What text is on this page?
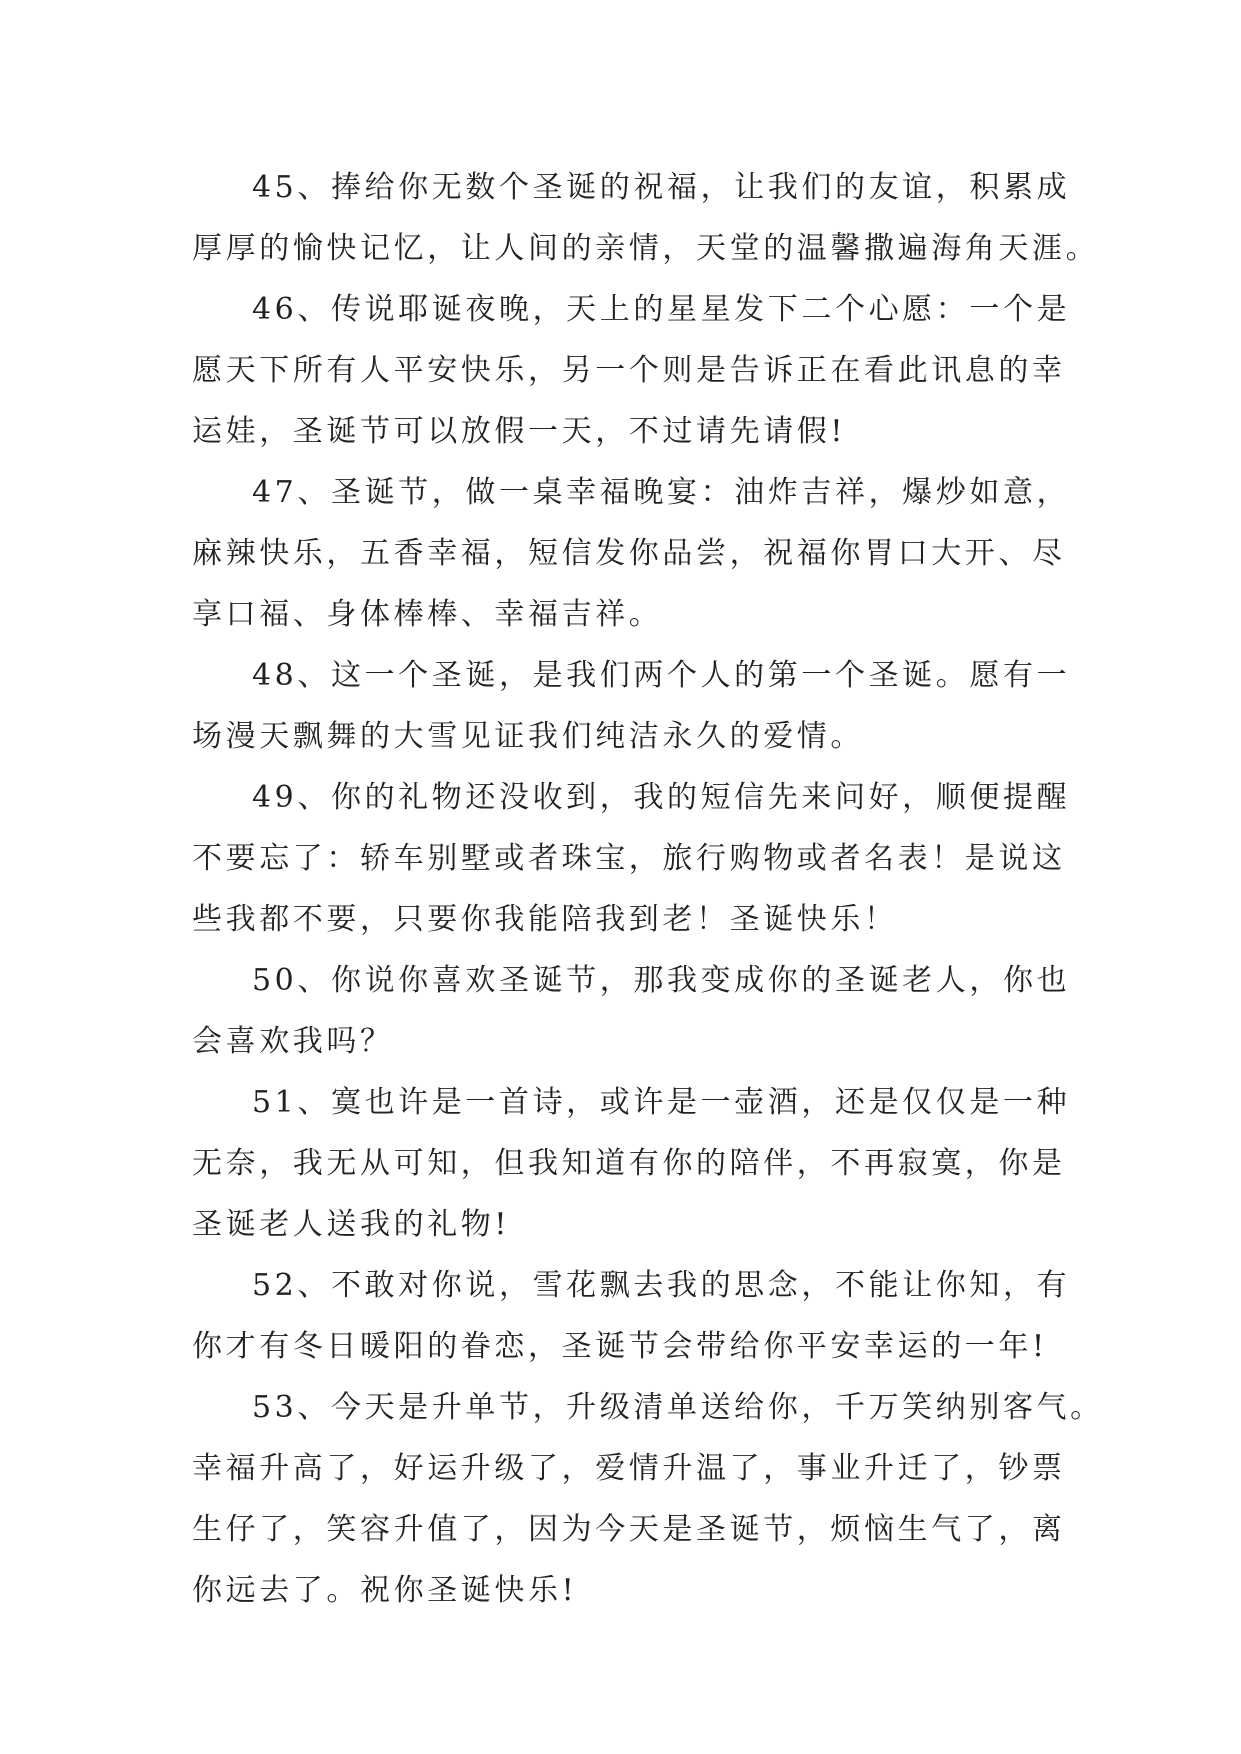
45、捧给你无数个圣诞的祝福，让我们的友谊，积累成
厚厚的愉快记忆，让人间的亲情，天堂的温馨撒遍海角天涯。
46、传说耶诞夜晚，天上的星星发下二个心愿：一个是
愿天下所有人平安快乐，另一个则是告诉正在看此讯息的幸
运娃，圣诞节可以放假一天，不过请先请假!
47、圣诞节，做一桌幸福晚宴：油炸吉祥，爆炒如意，
麻辣快乐，五香幸福，短信发你品尝，祝福你胃口大开、尽
享口福、身体棒棒、幸福吉祥。
48、这一个圣诞，是我们两个人的第一个圣诞。愿有一
场漫天飘舞的大雪见证我们纯洁永久的爱情。
49、你的礼物还没收到，我的短信先来问好，顺便提醒
不要忘了：轿车别墅或者珠宝，旅行购物或者名表！是说这
些我都不要，只要你我能陪我到老！圣诞快乐！
50、你说你喜欢圣诞节，那我变成你的圣诞老人，你也
会喜欢我吗？
51、寞也许是一首诗，或许是一壶酒，还是仅仅是一种
无奈，我无从可知，但我知道有你的陪伴，不再寂寞，你是
圣诞老人送我的礼物!
52、不敢对你说，雪花飘去我的思念，不能让你知，有
你才有冬日暖阳的眷恋，圣诞节会带给你平安幸运的一年!
53、今天是升单节，升级清单送给你，千万笑纳别客气。
幸福升高了，好运升级了，爱情升温了，事业升迁了，钞票
生仔了，笑容升值了，因为今天是圣诞节，烦恼生气了，离
你远去了。祝你圣诞快乐!
